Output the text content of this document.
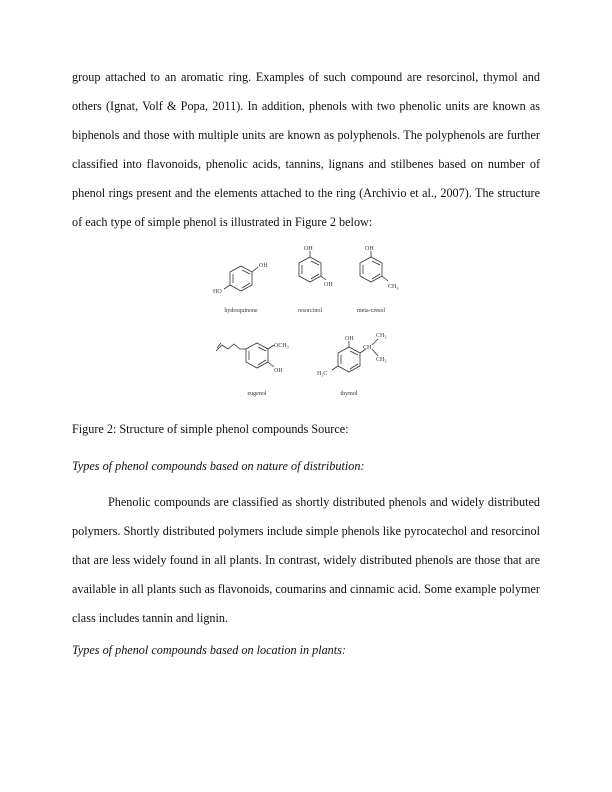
group attached to an aromatic ring. Examples of such compound are resorcinol, thymol and
others (Ignat, Volf & Popa, 2011). In addition, phenols with two phenolic units are known as
biphenols and those with multiple units are known as polyphenols. The polyphenols are further
classified into flavonoids, phenolic acids, tannins, lignans and stilbenes based on number of
phenol rings present and the elements attached to the ring (Archivio et al., 2007). The structure
of each type of simple phenol is illustrated in Figure 2 below:

OH
HO
OH
OH
OH
$CH_3$
$OCH_3$
OH
OH
CH
$CH_3$
$CH_3$
$H_3C$
hydroquinone	resorcinol	meta-cresol
eugenol	thymol

Figure 2: Structure of simple phenol compounds Source:

Types of phenol compounds based on nature of distribution:

Phenolic compounds are classified as shortly distributed phenols and widely distributed
polymers. Shortly distributed polymers include simple phenols like pyrocatechol and resorcinol
that are less widely found in all plants. In contrast, widely distributed phenols are those that are
available in all plants such as flavonoids, coumarins and cinnamic acid. Some example polymer
class includes tannin and lignin.

Types of phenol compounds based on location in plants:
